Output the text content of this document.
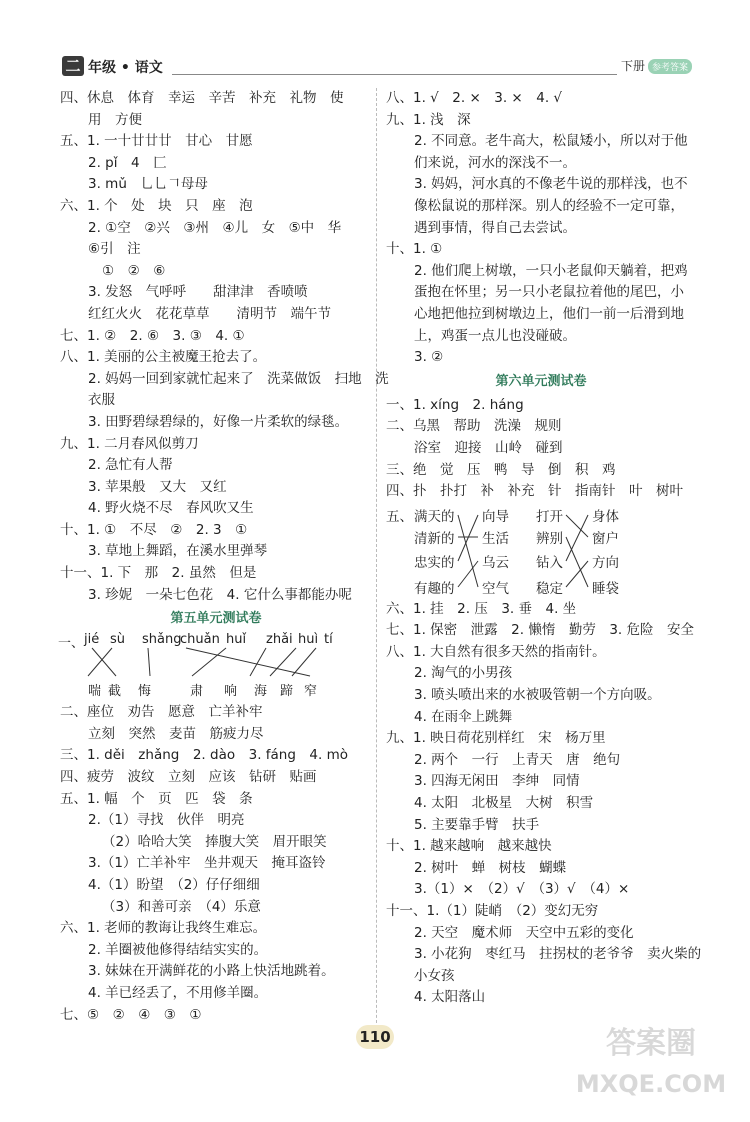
二 年级 • 语文	下册 参考答案
四、休息　体育　幸运　辛苦　补充　礼物　使
用　方便
五、1. 一十廿廿廿　甘心　甘愿
2. pǐ　4　匚
3. mǔ　乚乚𠃍母母
六、1. 个　处　块　只　座　泡
2. ①空　②兴　③州　④儿　女　⑤中　华
⑥引　注
①　②　⑥
3. 发怒　气呼呼　　甜津津　香喷喷
红红火火　花花草草　　清明节　端午节
七、1. ②　2. ⑥　3. ③　4. ①
八、1. 美丽的公主被魔王抢去了。
2. 妈妈一回到家就忙起来了　洗菜做饭　扫地　洗
衣服
3. 田野碧绿碧绿的，好像一片柔软的绿毯。
九、1. 二月春风似剪刀
2. 急忙有人帮
3. 苹果般　又大　又红
4. 野火烧不尽　春风吹又生
十、1. ①　不尽　②　2. 3　①
3. 草地上舞蹈，在溪水里弹琴
十一、1. 下　那　2. 虽然　但是
3. 珍妮　一朵七色花　4. 它什么事都能办呢
第五单元测试卷
一、 jié sù shǎng
chuǎn huǐ zhǎi huì tí
喘 截 悔	肃 响 海 蹄 窄
二、座位　劝告　愿意　亡羊补牢
立刻　突然　麦苗　筋疲力尽
三、1. děi　zhǎng　2. dào　3. fáng　4. mò
四、疲劳　波纹　立刻　应该　钻研　贴画
五、1. 幅　个　页　匹　袋　条
2.（1）寻找　伙伴　明亮
（2）哈哈大笑　捧腹大笑　眉开眼笑
3.（1）亡羊补牢　坐井观天　掩耳盗铃
4.（1）盼望　（2）仔仔细细
（3）和善可亲　（4）乐意
六、1. 老师的教诲让我终生难忘。
2. 羊圈被他修得结结实实的。
3. 妹妹在开满鲜花的小路上快活地跳着。
4. 羊已经丢了，不用修羊圈。
七、⑤　②　④　③　①
八、1. √　2. ×　3. ×　4. √
九、1. 浅　深
2. 不同意。老牛高大，松鼠矮小，所以对于他
们来说，河水的深浅不一。
3. 妈妈，河水真的不像老牛说的那样浅，也不
像松鼠说的那样深。别人的经验不一定可靠，
遇到事情，得自己去尝试。
十、1. ①
2. 他们爬上树墩，一只小老鼠仰天躺着，把鸡
蛋抱在怀里；另一只小老鼠拉着他的尾巴，小
心地把他拉到树墩边上，他们一前一后滑到地
上，鸡蛋一点儿也没碰破。
3. ②
第六单元测试卷
一、1. xíng　2. háng
二、乌黑　帮助　洗澡　规则
浴室　迎接　山岭　碰到
三、绝　觉　压　鸭　导　倒　积　鸡
四、扑　扑打　补　补充　针　指南针　叶　树叶
五、 满天的
清新的
忠实的
有趣的
向导
生活
乌云
空气
打开
辨别
钻入
稳定
身体
窗户
方向
睡袋
六、1. 挂　2. 压　3. 垂　4. 坐
七、1. 保密　泄露　2. 懒惰　勤劳　3. 危险　安全
八、1. 大自然有很多天然的指南针。
2. 淘气的小男孩
3. 喷头喷出来的水被吸管朝一个方向吸。
4. 在雨伞上跳舞
九、1. 映日荷花别样红　宋　杨万里
2. 两个　一行　上青天　唐　绝句
3. 四海无闲田　李绅　同情
4. 太阳　北极星　大树　积雪
5. 主要靠手臂　扶手
十、1. 越来越响　越来越快
2. 树叶　蝉　树枝　蝴蝶
3.（1）×　（2）√　（3）√　（4）×
十一、1.（1）陡峭　（2）变幻无穷
2. 天空　魔术师　天空中五彩的变化
3. 小花狗　枣红马　拄拐杖的老爷爷　卖火柴的
小女孩
4. 太阳落山
110	答案圈
MXQE.COM
